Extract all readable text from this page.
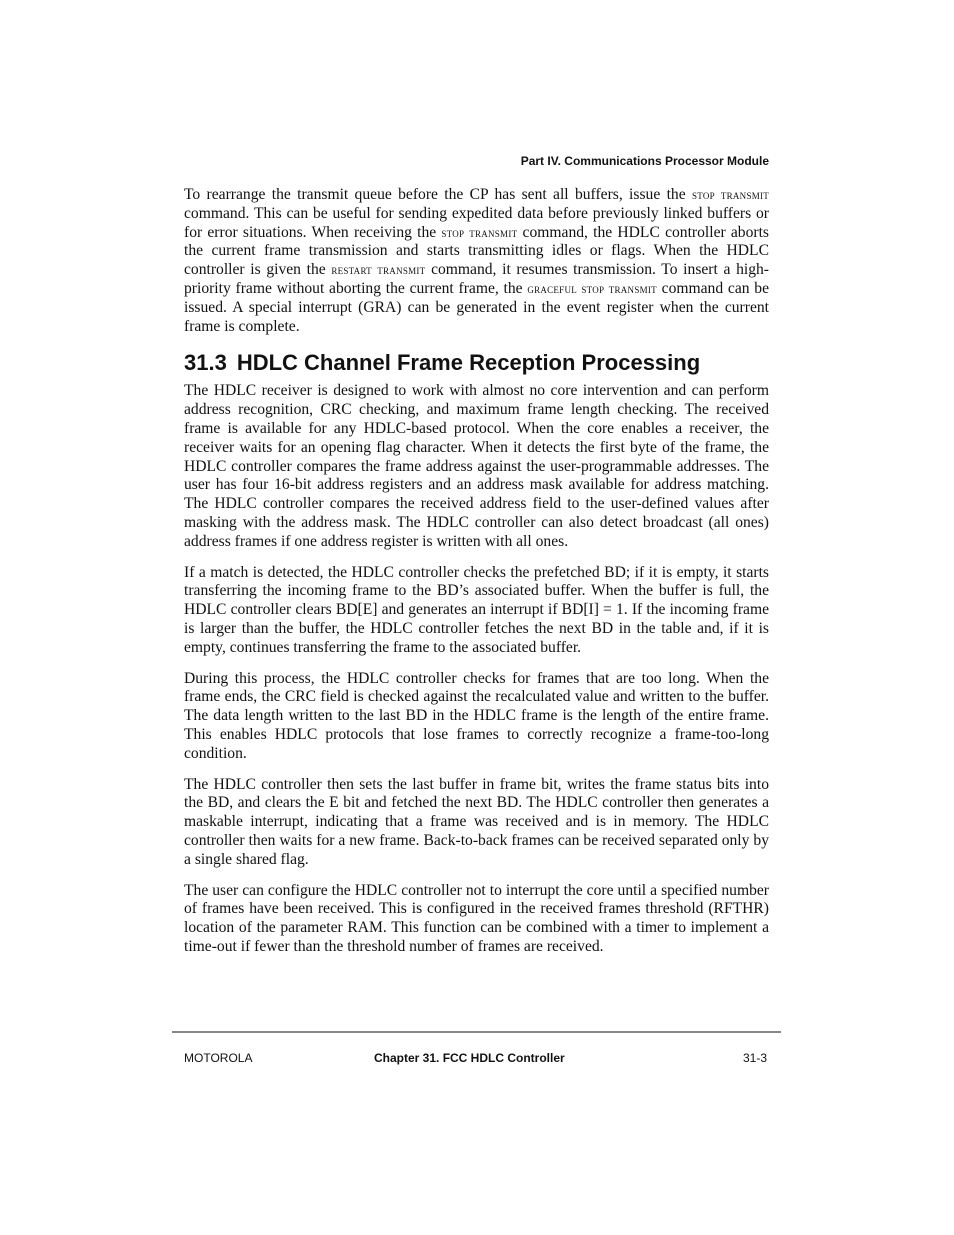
Part IV. Communications Processor Module

To rearrange the transmit queue before the CP has sent all buffers, issue the stop transmit command. This can be useful for sending expedited data before previously linked buffers or for error situations. When receiving the stop transmit command, the HDLC controller aborts the current frame transmission and starts transmitting idles or flags. When the HDLC controller is given the restart transmit command, it resumes transmission. To insert a high-priority frame without aborting the current frame, the graceful stop transmit command can be issued. A special interrupt (GRA) can be generated in the event register when the current frame is complete.

31.3 HDLC Channel Frame Reception Processing

The HDLC receiver is designed to work with almost no core intervention and can perform address recognition, CRC checking, and maximum frame length checking. The received frame is available for any HDLC-based protocol. When the core enables a receiver, the receiver waits for an opening flag character. When it detects the first byte of the frame, the HDLC controller compares the frame address against the user-programmable addresses. The user has four 16-bit address registers and an address mask available for address matching. The HDLC controller compares the received address field to the user-defined values after masking with the address mask. The HDLC controller can also detect broadcast (all ones) address frames if one address register is written with all ones.

If a match is detected, the HDLC controller checks the prefetched BD; if it is empty, it starts transferring the incoming frame to the BD’s associated buffer. When the buffer is full, the HDLC controller clears BD[E] and generates an interrupt if BD[I] = 1. If the incoming frame is larger than the buffer, the HDLC controller fetches the next BD in the table and, if it is empty, continues transferring the frame to the associated buffer.

During this process, the HDLC controller checks for frames that are too long. When the frame ends, the CRC field is checked against the recalculated value and written to the buffer. The data length written to the last BD in the HDLC frame is the length of the entire frame. This enables HDLC protocols that lose frames to correctly recognize a frame-too-long condition.

The HDLC controller then sets the last buffer in frame bit, writes the frame status bits into the BD, and clears the E bit and fetched the next BD. The HDLC controller then generates a maskable interrupt, indicating that a frame was received and is in memory. The HDLC controller then waits for a new frame. Back-to-back frames can be received separated only by a single shared flag.

The user can configure the HDLC controller not to interrupt the core until a specified number of frames have been received. This is configured in the received frames threshold (RFTHR) location of the parameter RAM. This function can be combined with a timer to implement a time-out if fewer than the threshold number of frames are received.

MOTOROLA	Chapter 31. FCC HDLC Controller	31-3
